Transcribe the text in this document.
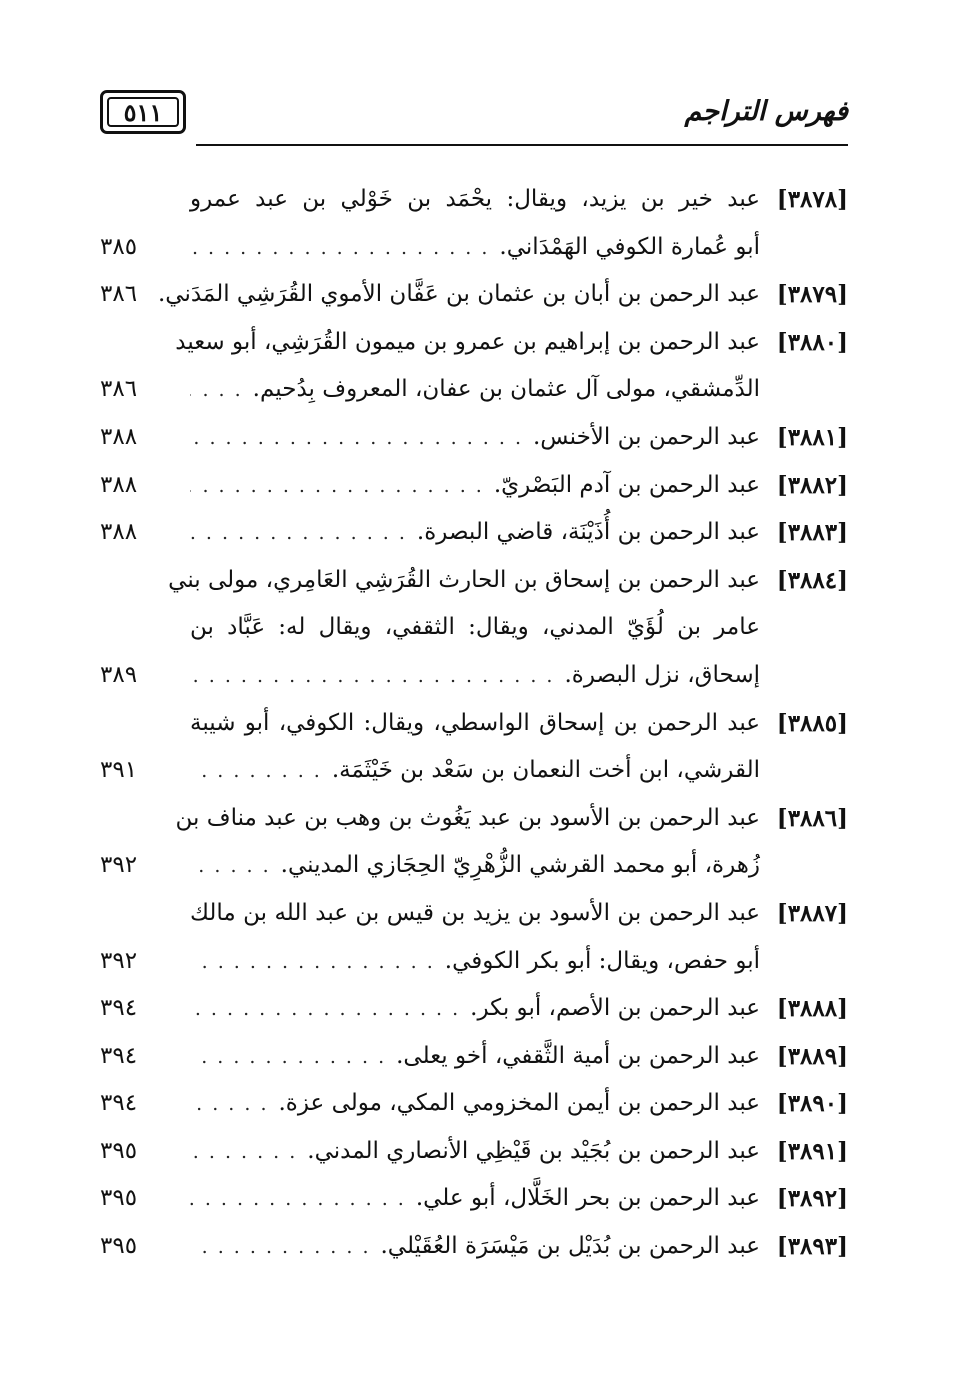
٥١١	فهرس التراجم
[٣٨٧٨]
عبد خير بن يزيد، ويقال: يحْمَد بن خَوْلي بن عبد عمرو
أبو عُمارة الكوفي الهَمْدَاني.
. . .
٣٨٥
[٣٨٧٩]
عبد الرحمن بن أبان بن عثمان بن عَفَّان الأموي القُرَشِي المَدَني.
٣٨٦
[٣٨٨٠]
عبد الرحمن بن إبراهيم بن عمرو بن ميمون القُرَشِي، أبو سعيد
الدِّمشقي، مولى آل عثمان بن عفان، المعروف بِدُحيم.
. . .
٣٨٦
[٣٨٨١]
عبد الرحمن بن الأخنس.
. . .
٣٨٨
[٣٨٨٢]
عبد الرحمن بن آدم البَصْريّ.
. . .
٣٨٨
[٣٨٨٣]
عبد الرحمن بن أُذَيْنَة، قاضي البصرة.
. . .
٣٨٨
[٣٨٨٤]
عبد الرحمن بن إسحاق بن الحارث القُرَشِي العَامِري، مولى بني
عامر بن لُؤَيّ المدني، ويقال: الثقفي، ويقال له: عَبَّاد بن
إسحاق، نزل البصرة.
. . .
٣٨٩
[٣٨٨٥]
عبد الرحمن بن إسحاق الواسطي، ويقال: الكوفي، أبو شيبة
القرشي، ابن أخت النعمان بن سَعْد بن خَيْثَمَة.
. . .
٣٩١
[٣٨٨٦]
عبد الرحمن بن الأسود بن عبد يَغُوث بن وهب بن عبد مناف بن
زُهرة، أبو محمد القرشي الزُّهْرِيّ الحِجَازي المديني.
. . .
٣٩٢
[٣٨٨٧]
عبد الرحمن بن الأسود بن يزيد بن قيس بن عبد الله بن مالك
أبو حفص، ويقال: أبو بكر الكوفي.
. . .
٣٩٢
[٣٨٨٨]
عبد الرحمن بن الأصم، أبو بكر.
. . .
٣٩٤
[٣٨٨٩]
عبد الرحمن بن أمية الثَّقفي، أخو يعلى.
. . .
٣٩٤
[٣٨٩٠]
عبد الرحمن بن أيمن المخزومي المكي، مولى عزة.
. . .
٣٩٤
[٣٨٩١]
عبد الرحمن بن بُجَيْد بن قَيْظِي الأنصاري المدني.
. . .
٣٩٥
[٣٨٩٢]
عبد الرحمن بن بحر الخَلَّال، أبو علي.
. . .
٣٩٥
[٣٨٩٣]
عبد الرحمن بن بُدَيْل بن مَيْسَرَة العُقَيْلي.
. . .
٣٩٥
